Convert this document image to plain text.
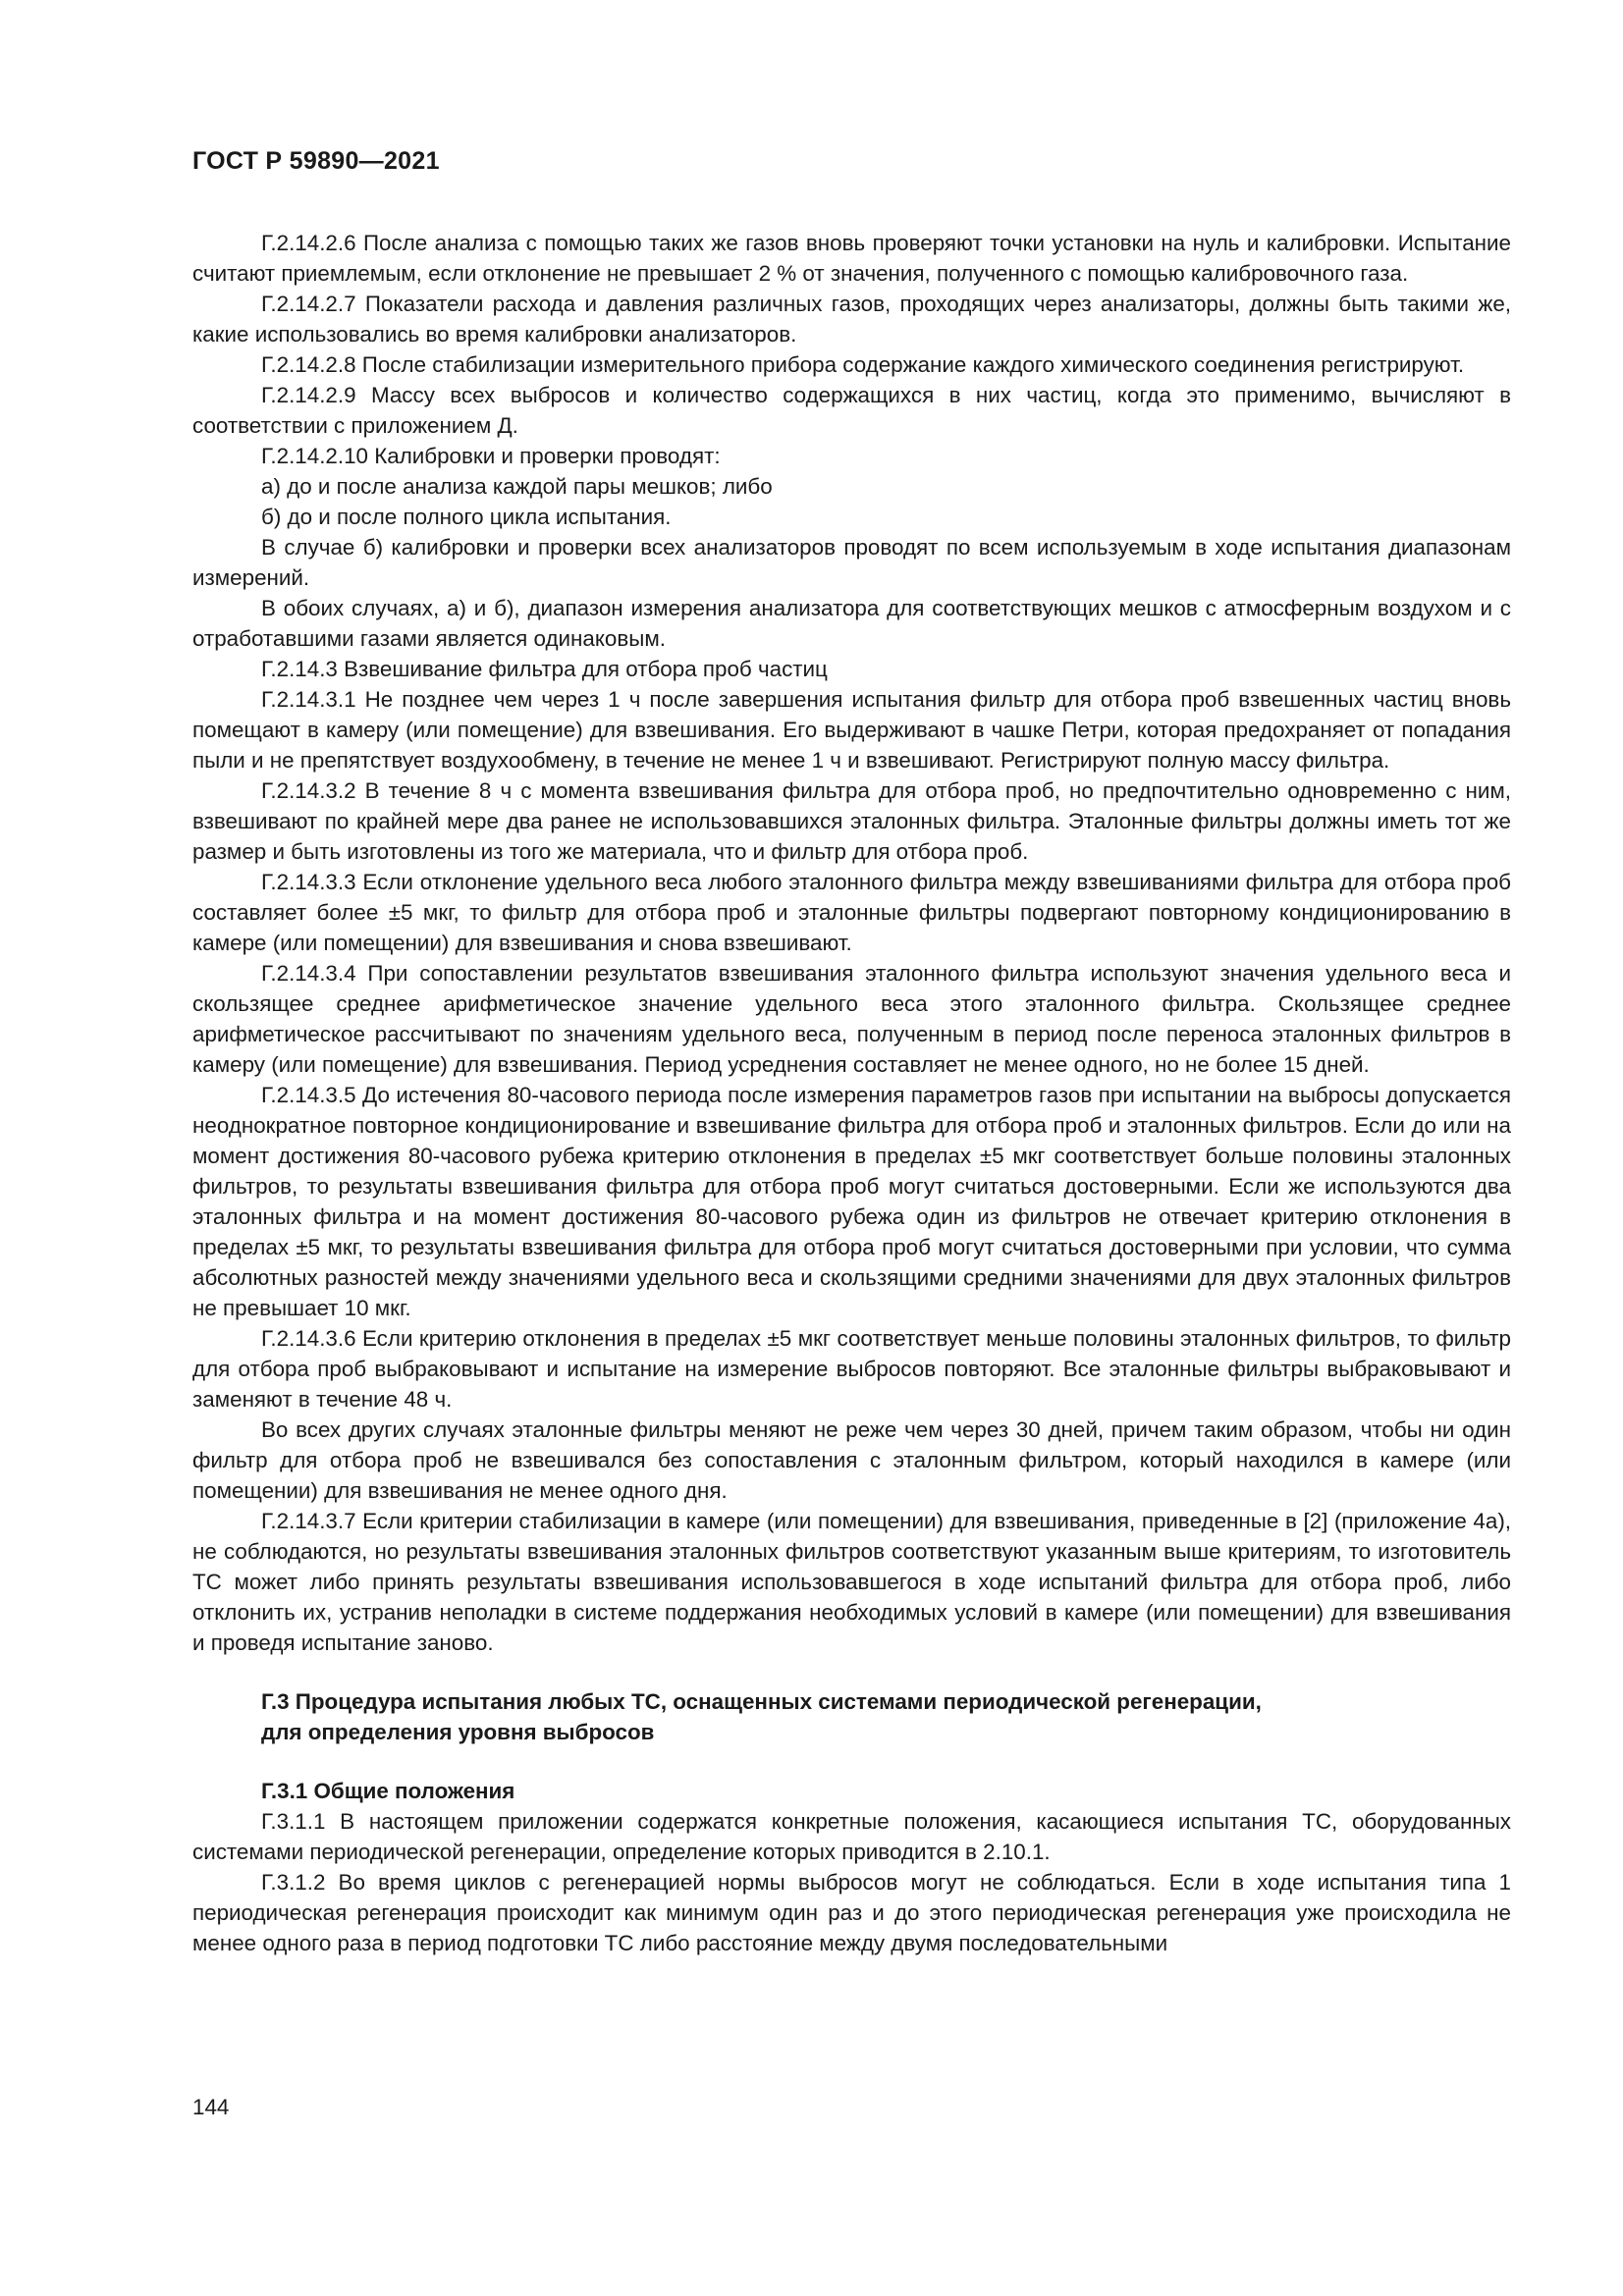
ГОСТ Р 59890—2021

Г.2.14.2.6 После анализа с помощью таких же газов вновь проверяют точки установки на нуль и калибровки. Испытание считают приемлемым, если отклонение не превышает 2 % от значения, полученного с помощью калибровочного газа.

Г.2.14.2.7 Показатели расхода и давления различных газов, проходящих через анализаторы, должны быть такими же, какие использовались во время калибровки анализаторов.

Г.2.14.2.8 После стабилизации измерительного прибора содержание каждого химического соединения регистрируют.

Г.2.14.2.9 Массу всех выбросов и количество содержащихся в них частиц, когда это применимо, вычисляют в соответствии с приложением Д.

Г.2.14.2.10 Калибровки и проверки проводят:

а) до и после анализа каждой пары мешков; либо

б) до и после полного цикла испытания.

В случае б) калибровки и проверки всех анализаторов проводят по всем используемым в ходе испытания диапазонам измерений.

В обоих случаях, а) и б), диапазон измерения анализатора для соответствующих мешков с атмосферным воздухом и с отработавшими газами является одинаковым.

Г.2.14.3 Взвешивание фильтра для отбора проб частиц

Г.2.14.3.1 Не позднее чем через 1 ч после завершения испытания фильтр для отбора проб взвешенных частиц вновь помещают в камеру (или помещение) для взвешивания. Его выдерживают в чашке Петри, которая предохраняет от попадания пыли и не препятствует воздухообмену, в течение не менее 1 ч и взвешивают. Регистрируют полную массу фильтра.

Г.2.14.3.2 В течение 8 ч с момента взвешивания фильтра для отбора проб, но предпочтительно одновременно с ним, взвешивают по крайней мере два ранее не использовавшихся эталонных фильтра. Эталонные фильтры должны иметь тот же размер и быть изготовлены из того же материала, что и фильтр для отбора проб.

Г.2.14.3.3 Если отклонение удельного веса любого эталонного фильтра между взвешиваниями фильтра для отбора проб составляет более ±5 мкг, то фильтр для отбора проб и эталонные фильтры подвергают повторному кондиционированию в камере (или помещении) для взвешивания и снова взвешивают.

Г.2.14.3.4 При сопоставлении результатов взвешивания эталонного фильтра используют значения удельного веса и скользящее среднее арифметическое значение удельного веса этого эталонного фильтра. Скользящее среднее арифметическое рассчитывают по значениям удельного веса, полученным в период после переноса эталонных фильтров в камеру (или помещение) для взвешивания. Период усреднения составляет не менее одного, но не более 15 дней.

Г.2.14.3.5 До истечения 80-часового периода после измерения параметров газов при испытании на выбросы допускается неоднократное повторное кондиционирование и взвешивание фильтра для отбора проб и эталонных фильтров. Если до или на момент достижения 80-часового рубежа критерию отклонения в пределах ±5 мкг соответствует больше половины эталонных фильтров, то результаты взвешивания фильтра для отбора проб могут считаться достоверными. Если же используются два эталонных фильтра и на момент достижения 80-часового рубежа один из фильтров не отвечает критерию отклонения в пределах ±5 мкг, то результаты взвешивания фильтра для отбора проб могут считаться достоверными при условии, что сумма абсолютных разностей между значениями удельного веса и скользящими средними значениями для двух эталонных фильтров не превышает 10 мкг.

Г.2.14.3.6 Если критерию отклонения в пределах ±5 мкг соответствует меньше половины эталонных фильтров, то фильтр для отбора проб выбраковывают и испытание на измерение выбросов повторяют. Все эталонные фильтры выбраковывают и заменяют в течение 48 ч.

Во всех других случаях эталонные фильтры меняют не реже чем через 30 дней, причем таким образом, чтобы ни один фильтр для отбора проб не взвешивался без сопоставления с эталонным фильтром, который находился в камере (или помещении) для взвешивания не менее одного дня.

Г.2.14.3.7 Если критерии стабилизации в камере (или помещении) для взвешивания, приведенные в [2] (приложение 4а), не соблюдаются, но результаты взвешивания эталонных фильтров соответствуют указанным выше критериям, то изготовитель ТС может либо принять результаты взвешивания использовавшегося в ходе испытаний фильтра для отбора проб, либо отклонить их, устранив неполадки в системе поддержания необходимых условий в камере (или помещении) для взвешивания и проведя испытание заново.

Г.3 Процедура испытания любых ТС, оснащенных системами периодической регенерации,
для определения уровня выбросов
Г.3.1 Общие положения

Г.3.1.1 В настоящем приложении содержатся конкретные положения, касающиеся испытания ТС, оборудованных системами периодической регенерации, определение которых приводится в 2.10.1.

Г.3.1.2 Во время циклов с регенерацией нормы выбросов могут не соблюдаться. Если в ходе испытания типа 1 периодическая регенерация происходит как минимум один раз и до этого периодическая регенерация уже происходила не менее одного раза в период подготовки ТС либо расстояние между двумя последовательными

144
